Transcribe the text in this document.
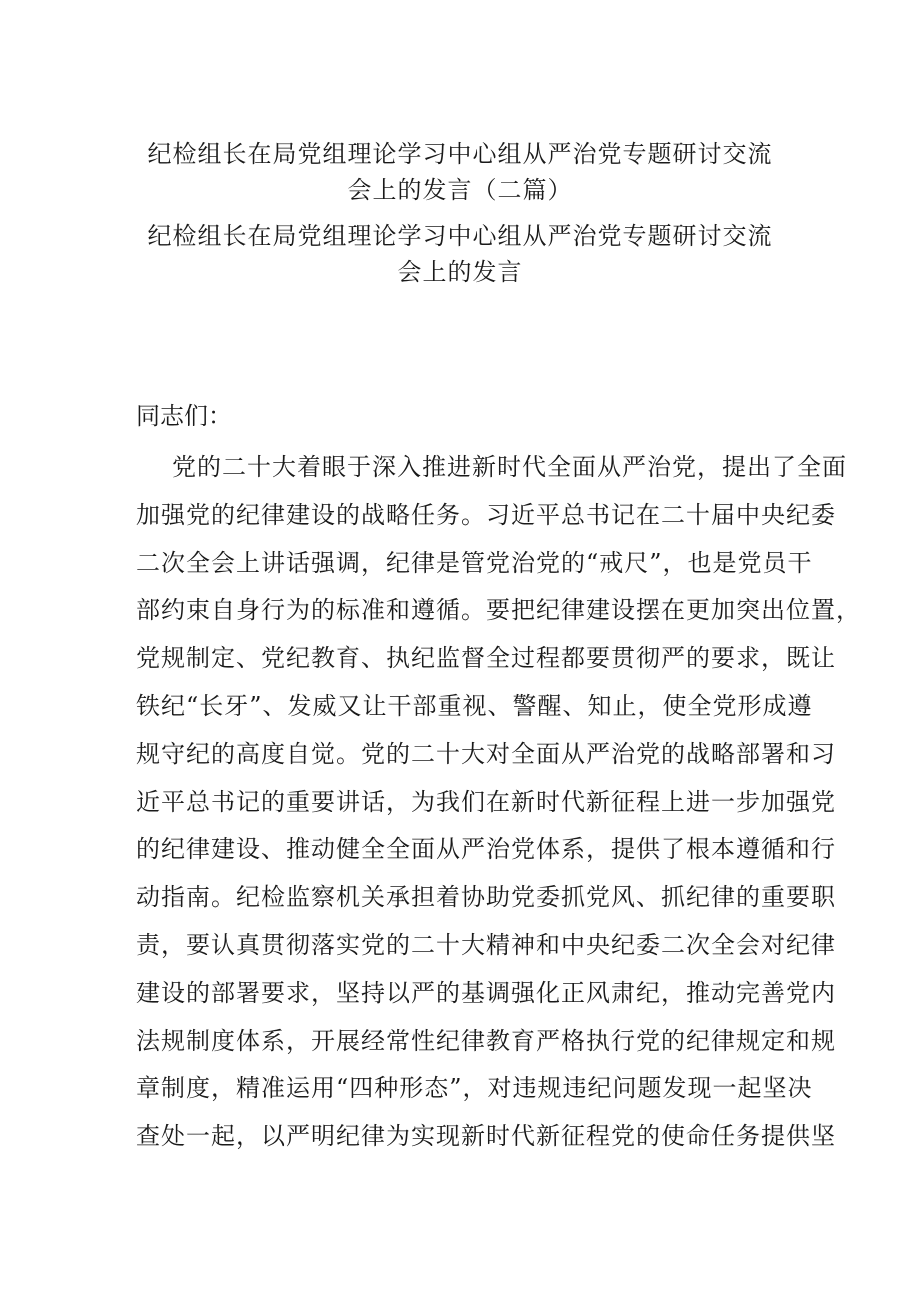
纪检组长在局党组理论学习中心组从严治党专题研讨交流
会上的发言（二篇）
纪检组长在局党组理论学习中心组从严治党专题研讨交流
会上的发言
同志们：
党的二十大着眼于深入推进新时代全面从严治党，提出了全面
加强党的纪律建设的战略任务。习近平总书记在二十届中央纪委
二次全会上讲话强调，纪律是管党治党的“戒尺”，也是党员干
部约束自身行为的标准和遵循。要把纪律建设摆在更加突出位置，
党规制定、党纪教育、执纪监督全过程都要贯彻严的要求，既让
铁纪“长牙”、发威又让干部重视、警醒、知止，使全党形成遵
规守纪的高度自觉。党的二十大对全面从严治党的战略部署和习
近平总书记的重要讲话，为我们在新时代新征程上进一步加强党
的纪律建设、推动健全全面从严治党体系，提供了根本遵循和行
动指南。纪检监察机关承担着协助党委抓党风、抓纪律的重要职
责，要认真贯彻落实党的二十大精神和中央纪委二次全会对纪律
建设的部署要求，坚持以严的基调强化正风肃纪，推动完善党内
法规制度体系，开展经常性纪律教育严格执行党的纪律规定和规
章制度，精准运用“四种形态”，对违规违纪问题发现一起坚决
查处一起，以严明纪律为实现新时代新征程党的使命任务提供坚
